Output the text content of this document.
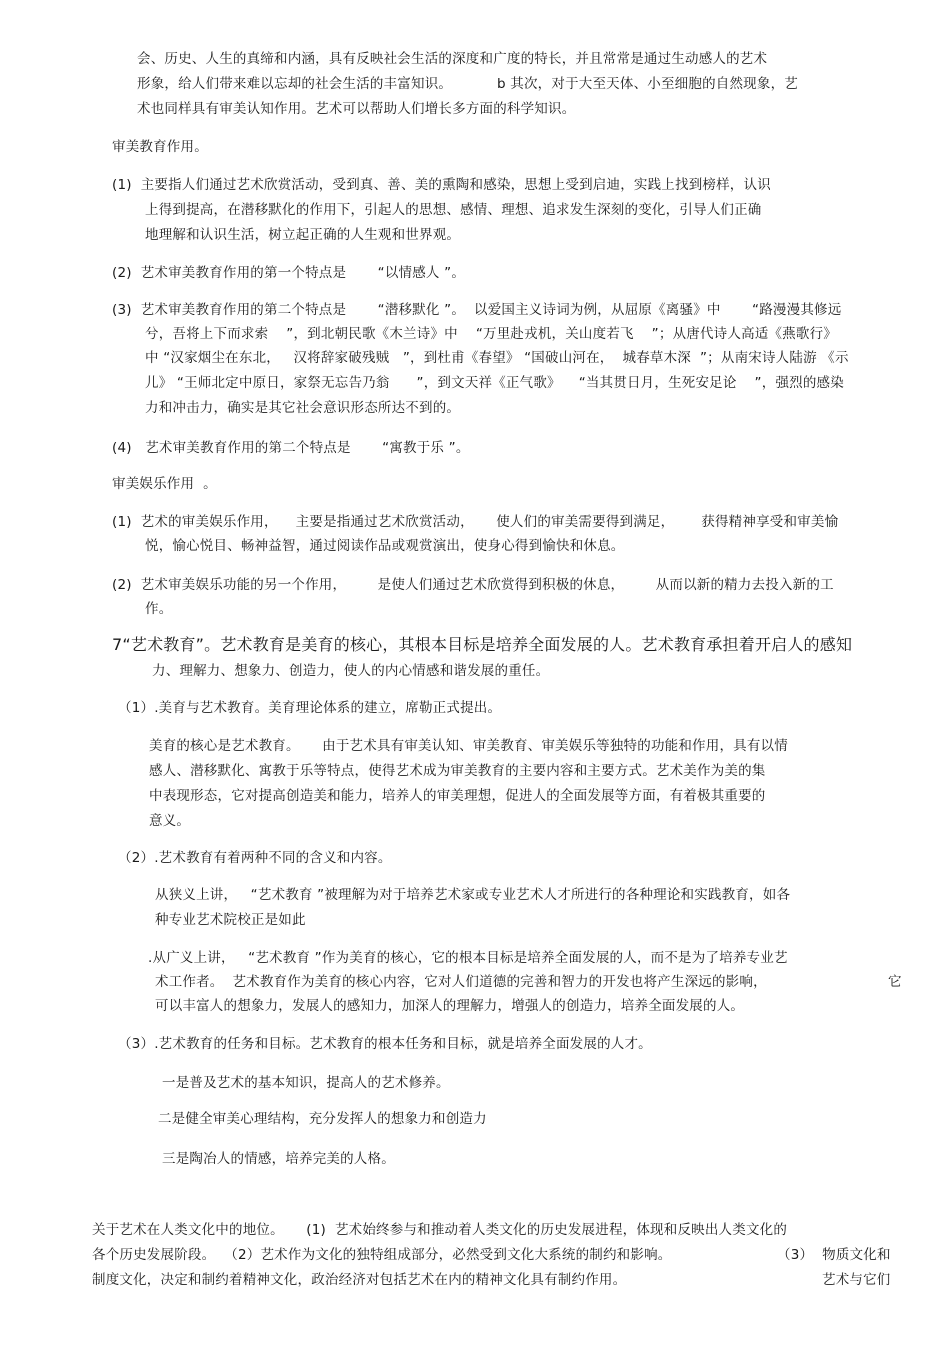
会、历史、人生的真缔和内涵，具有反映社会生活的深度和广度的特长，并且常常是通过生动感人的艺术
形象，给人们带来难以忘却的社会生活的丰富知识。          b 其次，对于大至天体、小至细胞的自然现象，艺
术也同样具有审美认知作用。艺术可以帮助人们增长多方面的科学知识。
审美教育作用。
(1)  主要指人们通过艺术欣赏活动，受到真、善、美的熏陶和感染，思想上受到启迪，实践上找到榜样，认识
上得到提高，在潜移默化的作用下，引起人的思想、感情、理想、追求发生深刻的变化，引导人们正确
地理解和认识生活，树立起正确的人生观和世界观。
(2)  艺术审美教育作用的第一个特点是       “以情感人 ”。
(3)  艺术审美教育作用的第二个特点是       “潜移默化 ”。  以爱国主义诗词为例，从屈原《离骚》中       “路漫漫其修远
兮，吾将上下而求索    ”，到北朝民歌《木兰诗》中    “万里赴戎机，关山度若飞    ”；从唐代诗人高适《燕歌行》
中 “汉家烟尘在东北，   汉将辞家破残贼   ”，到杜甫《春望》 “国破山河在，  城春草木深  ”；从南宋诗人陆游 《示
儿》 “王师北定中原日，家祭无忘告乃翁      ”，到文天祥《正气歌》    “当其贯日月，生死安足论    ”，强烈的感染
力和冲击力，确实是其它社会意识形态所达不到的。
(4)   艺术审美教育作用的第二个特点是       “寓教于乐 ”。
审美娱乐作用  。
(1)  艺术的审美娱乐作用，    主要是指通过艺术欣赏活动，     使人们的审美需要得到满足，      获得精神享受和审美愉
悦，愉心悦目、畅神益智，通过阅读作品或观赏演出，使身心得到愉快和休息。
(2)  艺术审美娱乐功能的另一个作用，       是使人们通过艺术欣赏得到积极的休息，       从而以新的精力去投入新的工
作。
7“艺术教育”。艺术教育是美育的核心，其根本目标是培养全面发展的人。艺术教育承担着开启人的感知
力、理解力、想象力、创造力，使人的内心情感和谐发展的重任。
（1）.美育与艺术教育。美育理论体系的建立，席勒正式提出。
美育的核心是艺术教育。     由于艺术具有审美认知、审美教育、审美娱乐等独特的功能和作用，具有以情
感人、潜移默化、寓教于乐等特点，使得艺术成为审美教育的主要内容和主要方式。艺术美作为美的集
中表现形态，它对提高创造美和能力，培养人的审美理想，促进人的全面发展等方面，有着极其重要的
意义。
（2）.艺术教育有着两种不同的含义和内容。
从狭义上讲，   “艺术教育 ”被理解为对于培养艺术家或专业艺术人才所进行的各种理论和实践教育，如各
种专业艺术院校正是如此
.从广义上讲，   “艺术教育 ”作为美育的核心，它的根本目标是培养全面发展的人，而不是为了培养专业艺
术工作者。  艺术教育作为美育的核心内容，它对人们道德的完善和智力的开发也将产生深远的影响，	它
可以丰富人的想象力，发展人的感知力，加深人的理解力，增强人的创造力，培养全面发展的人。
（3）.艺术教育的任务和目标。艺术教育的根本任务和目标，就是培养全面发展的人才。
一是普及艺术的基本知识，提高人的艺术修养。
二是健全审美心理结构，充分发挥人的想象力和创造力
三是陶冶人的情感，培养完美的人格。
关于艺术在人类文化中的地位。     (1)  艺术始终参与和推动着人类文化的历史发展进程，体现和反映出人类文化的
各个历史发展阶段。  （2）艺术作为文化的独特组成部分，必然受到文化大系统的制约和影响。	（3）  物质文化和
制度文化，决定和制约着精神文化，政治经济对包括艺术在内的精神文化具有制约作用。	艺术与它们
